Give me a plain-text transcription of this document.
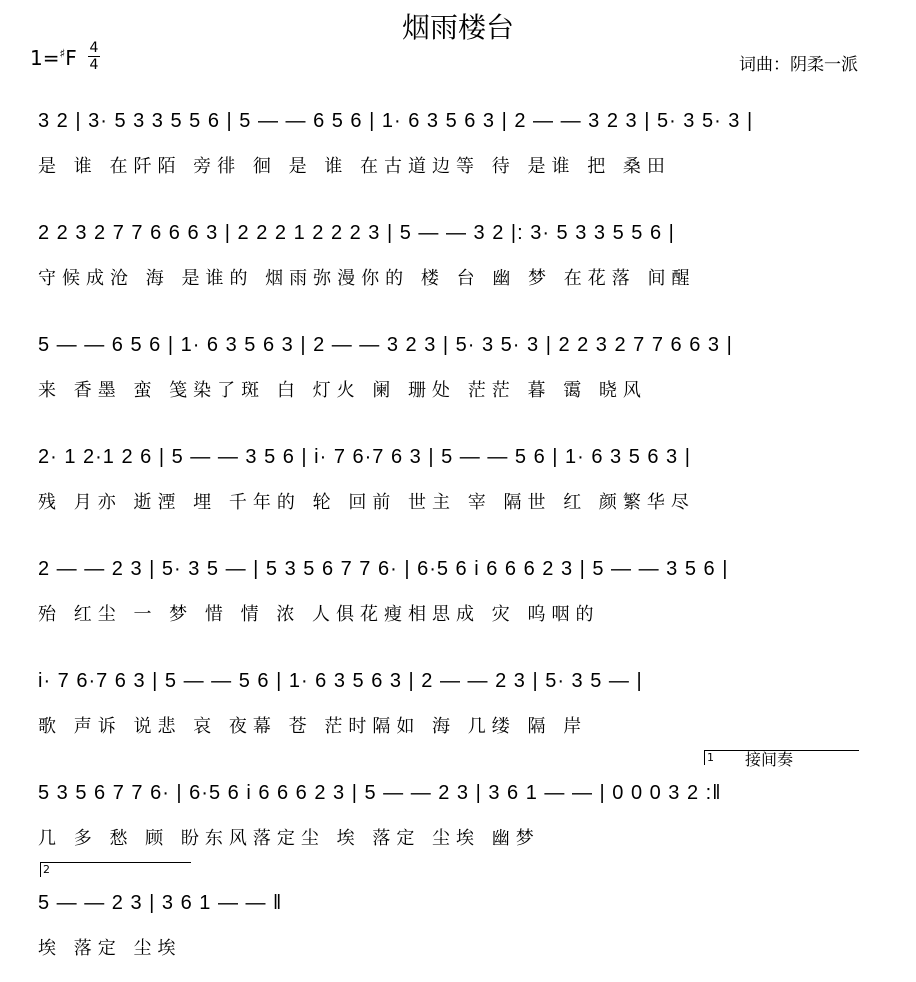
烟雨楼台
1=♯F 4
4	词曲：阴柔一派
3 2 | 3· 5 3 3 5 5 6 | 5 — — 6 5 6 | 1· 6 3 5 6 3 | 2 — — 3 2 3 | 5· 3 5· 3 |
是 谁 在阡陌 旁徘 徊 是 谁 在古道边等 待 是谁 把 桑田
2 2 3 2 7 7 6 6 6 3 | 2 2 2 1 2 2 2 3 | 5 — — 3 2 |: 3· 5 3 3 5 5 6 |
守候成沧 海 是谁的 烟雨弥漫你的 楼 台 幽 梦 在花落 间醒
5 — — 6 5 6 | 1· 6 3 5 6 3 | 2 — — 3 2 3 | 5· 3 5· 3 | 2 2 3 2 7 7 6 6 3 |
来 香墨 蛮 笺染了斑 白 灯火 阑 珊处 茫茫 暮 霭 晓风
2· 1 2·1 2 6 | 5 — — 3 5 6 | i· 7 6·7 6 3 | 5 — — 5 6 | 1· 6 3 5 6 3 |
残 月亦 逝湮 埋 千年的 轮 回前 世主 宰 隔世 红 颜繁华尽
2 — — 2 3 | 5· 3 5 — | 5 3 5 6 7 7 6· | 6·5 6 i 6 6 6 2 3 | 5 — — 3 5 6 |
殆 红尘 一 梦 惜 情 浓 人俱花瘦相思成 灾 呜咽的
i· 7 6·7 6 3 | 5 — — 5 6 | 1· 6 3 5 6 3 | 2 — — 2 3 | 5· 3 5 — |
歌 声诉 说悲 哀 夜幕 苍 茫时隔如 海 几缕 隔 岸
1 接间奏
5 3 5 6 7 7 6· | 6·5 6 i 6 6 6 2 3 | 5 — — 2 3 | 3 6 1 — — | 0 0 0 3 2 :‖
几 多 愁 顾 盼东风落定尘 埃 落定 尘埃 幽梦
2
5 — — 2 3 | 3 6 1 — — ‖
埃 落定 尘埃
